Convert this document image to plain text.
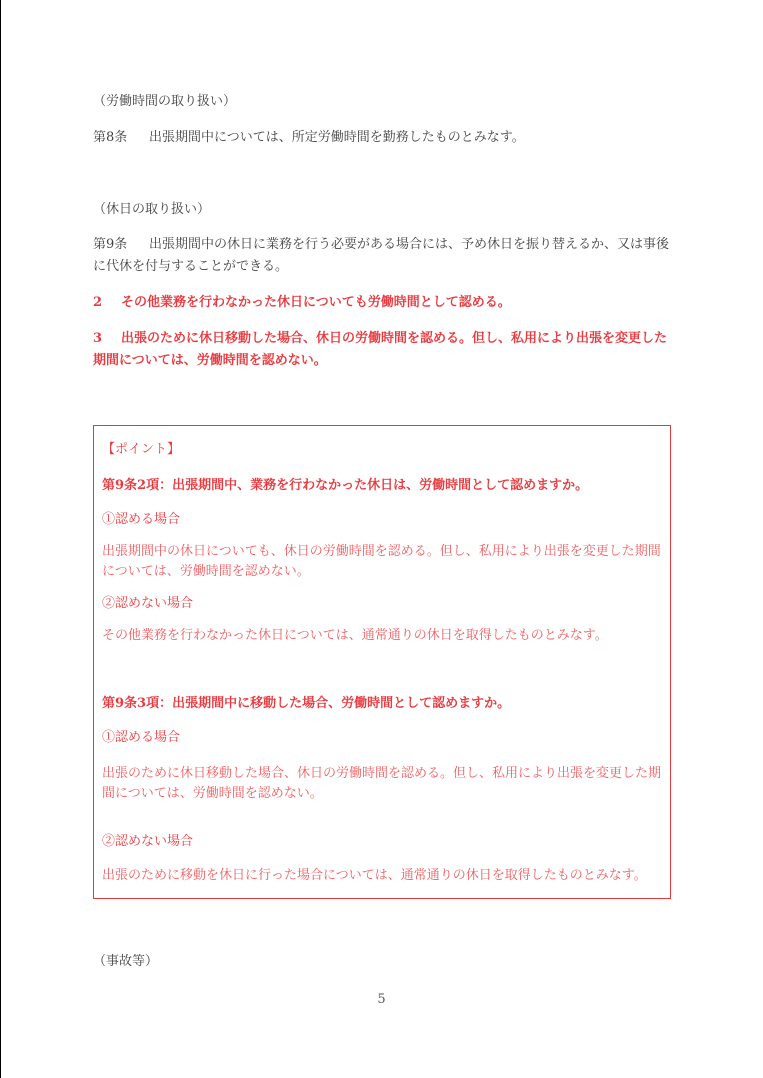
（労働時間の取り扱い）
第8条 出張期間中については、所定労働時間を勤務したものとみなす。
（休日の取り扱い）
第9条 出張期間中の休日に業務を行う必要がある場合には、予め休日を振り替えるか、又は事後に代休を付与することができる。
2 その他業務を行わなかった休日についても労働時間として認める。
3 出張のために休日移動した場合、休日の労働時間を認める。但し、私用により出張を変更した期間については、労働時間を認めない。
【ポイント】
第9条2項：出張期間中、業務を行わなかった休日は、労働時間として認めますか。
①認める場合
出張期間中の休日についても、休日の労働時間を認める。但し、私用により出張を変更した期間については、労働時間を認めない。
②認めない場合
その他業務を行わなかった休日については、通常通りの休日を取得したものとみなす。
第9条3項：出張期間中に移動した場合、労働時間として認めますか。
①認める場合
出張のために休日移動した場合、休日の労働時間を認める。但し、私用により出張を変更した期間については、労働時間を認めない。
②認めない場合
出張のために移動を休日に行った場合については、通常通りの休日を取得したものとみなす。
（事故等）
5
